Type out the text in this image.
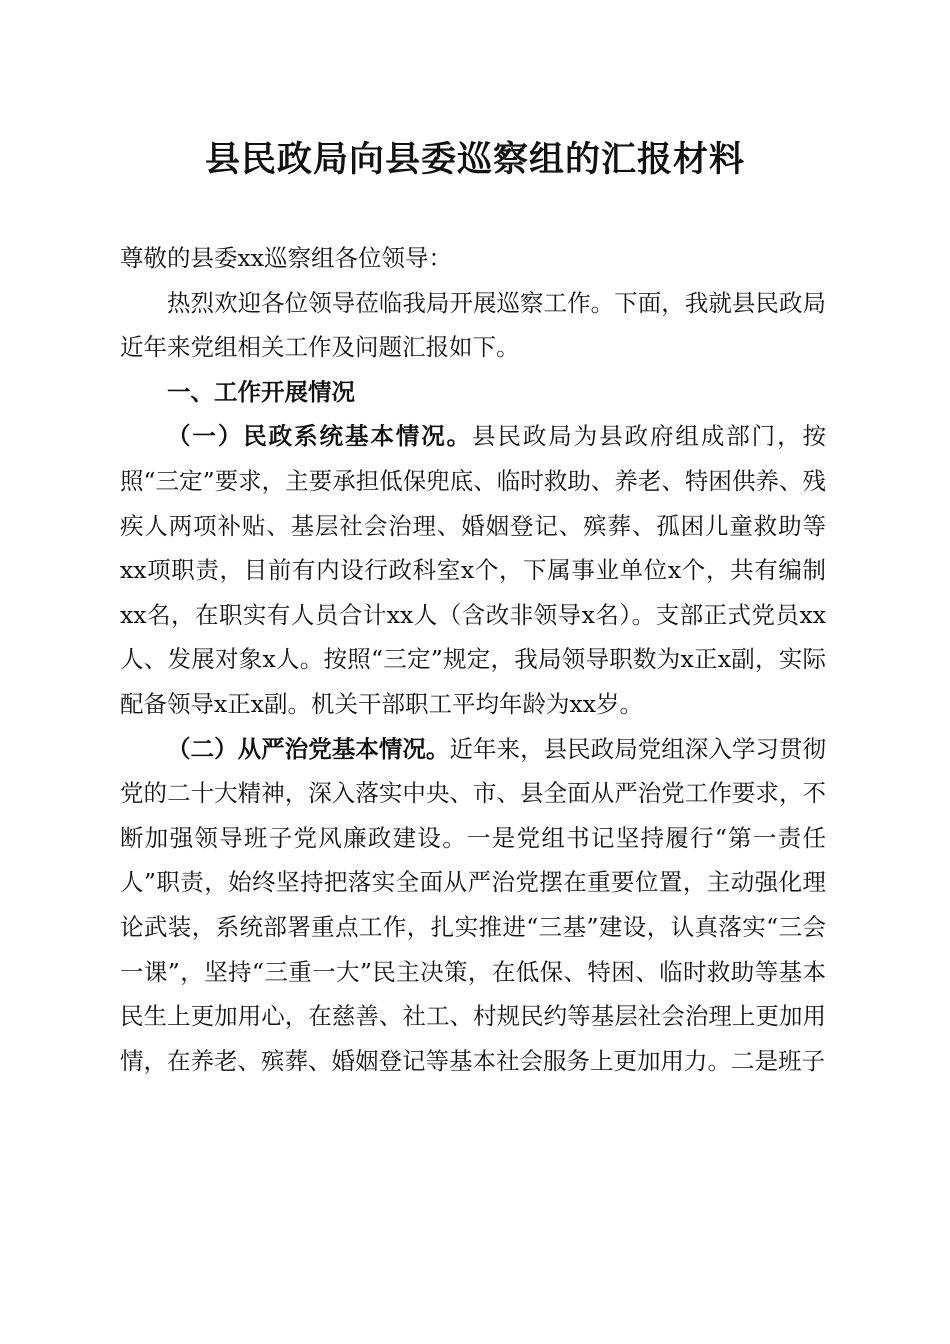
县民政局向县委巡察组的汇报材料

尊敬的县委xx巡察组各位领导：

热烈欢迎各位领导莅临我局开展巡察工作。下面，我就县民政局近年来党组相关工作及问题汇报如下。

一、工作开展情况

（一）民政系统基本情况。县民政局为县政府组成部门，按照“三定”要求，主要承担低保兜底、临时救助、养老、特困供养、残疾人两项补贴、基层社会治理、婚姻登记、殡葬、孤困儿童救助等xx项职责，目前有内设行政科室x个，下属事业单位x个，共有编制xx名，在职实有人员合计xx人（含改非领导x名）。支部正式党员xx人、发展对象x人。按照“三定”规定，我局领导职数为x正x副，实际配备领导x正x副。机关干部职工平均年龄为xx岁。

（二）从严治党基本情况。近年来，县民政局党组深入学习贯彻党的二十大精神，深入落实中央、市、县全面从严治党工作要求，不断加强领导班子党风廉政建设。一是党组书记坚持履行“第一责任人”职责，始终坚持把落实全面从严治党摆在重要位置，主动强化理论武装，系统部署重点工作，扎实推进“三基”建设，认真落实“三会一课”，坚持“三重一大”民主决策，在低保、特困、临时救助等基本民生上更加用心，在慈善、社工、村规民约等基层社会治理上更加用情，在养老、殡葬、婚姻登记等基本社会服务上更加用力。二是班子
